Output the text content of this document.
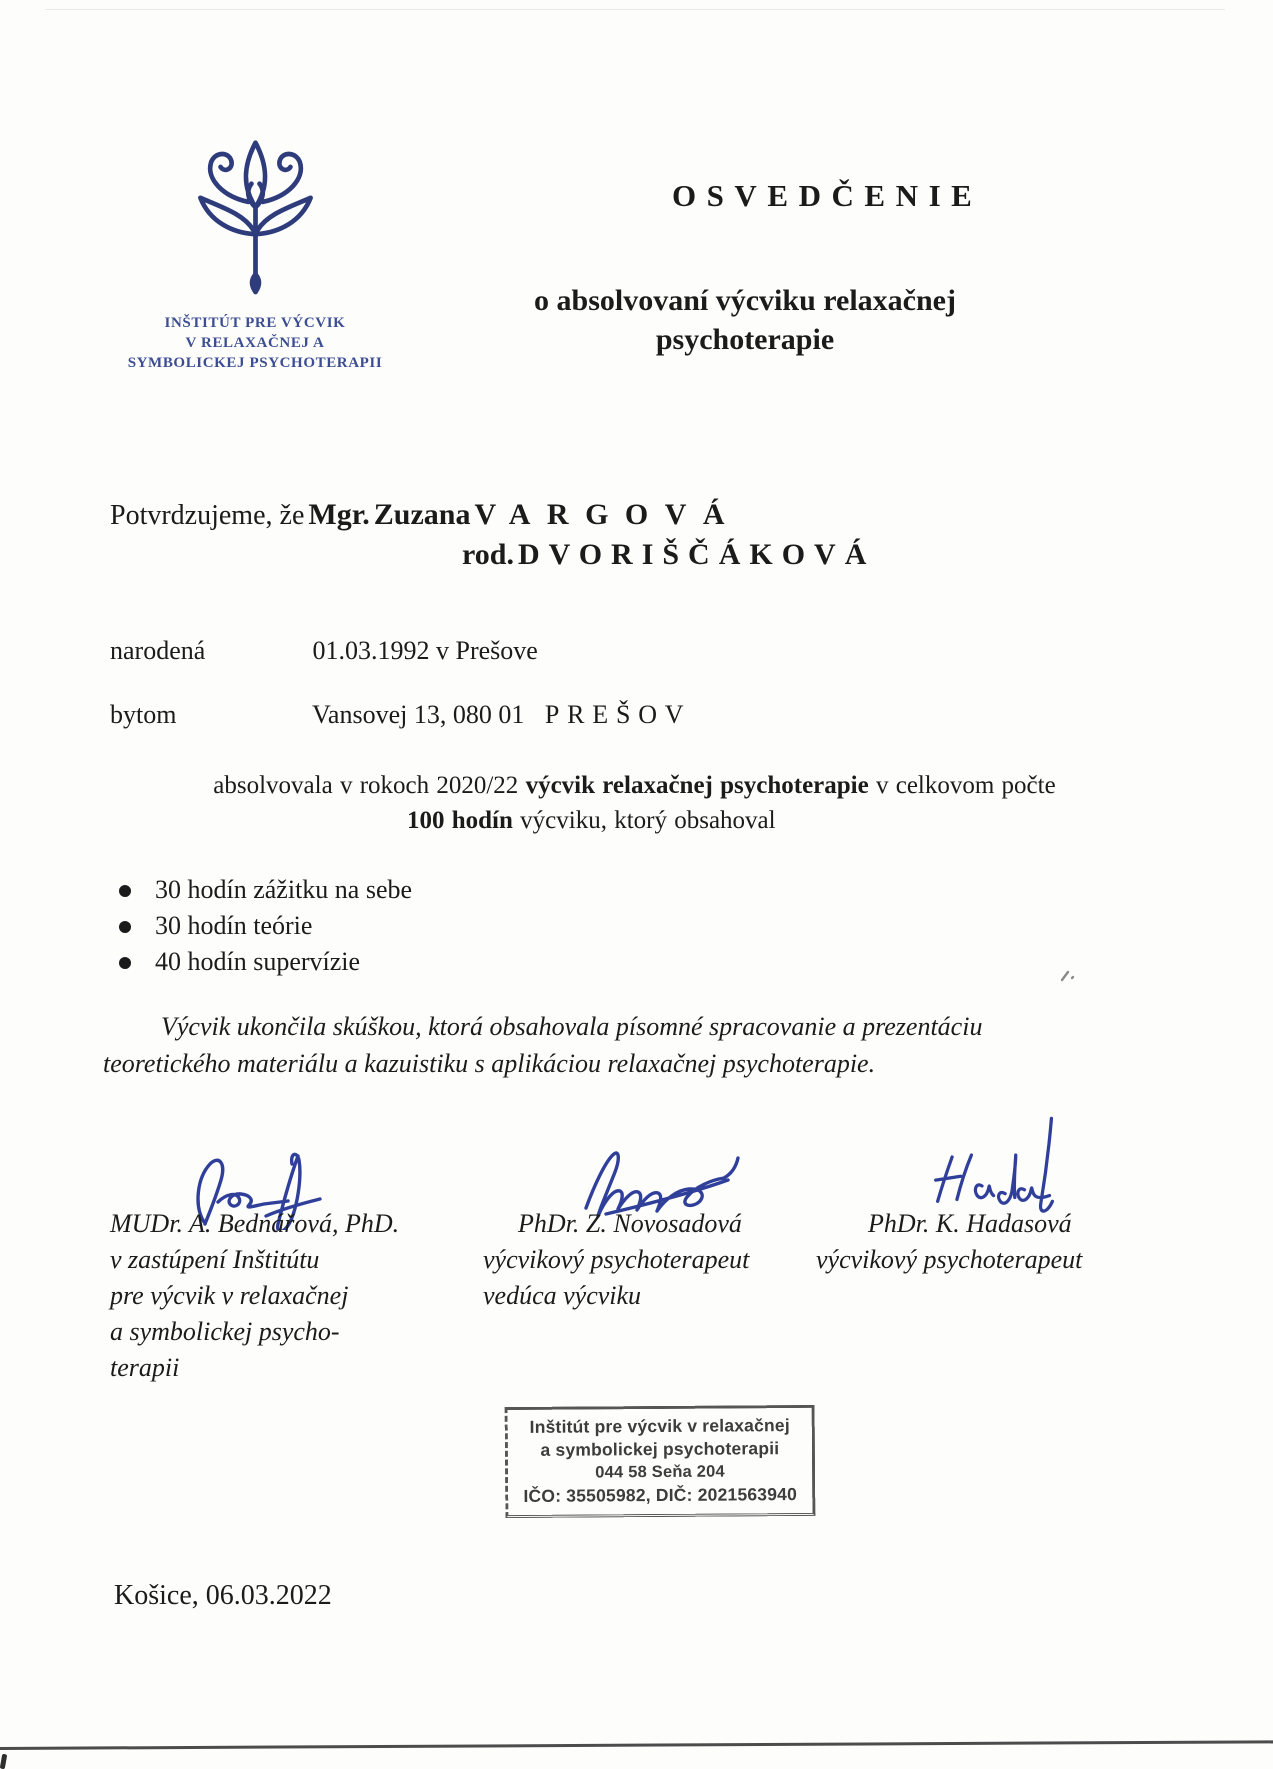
INŠTITÚT PRE VÝCVIK
V RELAXAČNEJ A
SYMBOLICKEJ PSYCHOTERAPII
OSVEDČENIE
o absolvovaní výcviku relaxačnej
psychoterapie
Potvrdzujeme, že Mgr. Zuzana VARGOVÁ
rod. DVORIŠČÁKOVÁ
narodená	01.03.1992 v Prešove
bytom	Vansovej 13, 080 01 PREŠOV
absolvovala v rokoch 2020/22 výcvik relaxačnej psychoterapie v celkovom počte
100 hodín výcviku, ktorý obsahoval
30 hodín zážitku na sebe
30 hodín teórie
40 hodín supervízie
Výcvik ukončila skúškou, ktorá obsahovala písomné spracovanie a prezentáciu
teoretického materiálu a kazuistiku s aplikáciou relaxačnej psychoterapie.
MUDr. A. Bednářová, PhD.
v zastúpení Inštitútu
pre výcvik v relaxačnej
a symbolickej psycho-
terapii
PhDr. Z. Novosadová
výcvikový psychoterapeut
vedúca výcviku
PhDr. K. Hadasová
výcvikový psychoterapeut
Inštitút pre výcvik v relaxačnej
a symbolickej psychoterapii
044 58 Seňa 204
IČO: 35505982, DIČ: 2021563940
Košice, 06.03.2022
